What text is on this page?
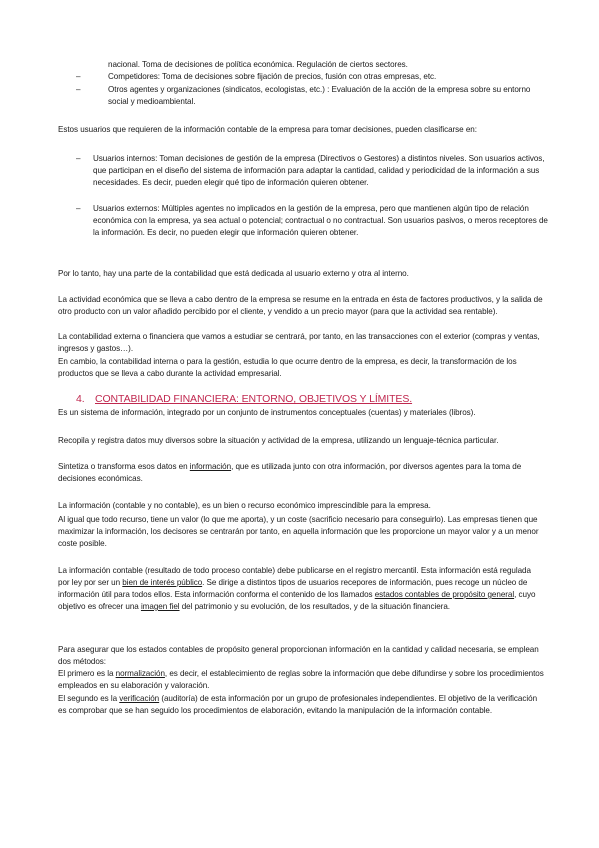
nacional. Toma de decisiones de política económica. Regulación de ciertos sectores.

–	Competidores: Toma de decisiones sobre fijación de precios, fusión con otras empresas, etc.

–	Otros agentes y organizaciones (sindicatos, ecologistas, etc.) : Evaluación de la acción de la empresa sobre su entorno social y medioambiental.

Estos usuarios que requieren de la información contable de la empresa para tomar decisiones, pueden clasificarse en:

– Usuarios internos: Toman decisiones de gestión de la empresa (Directivos o Gestores) a distintos niveles. Son usuarios activos, que participan en el diseño del sistema de información para adaptar la cantidad, calidad y periodicidad de la información a sus necesidades. Es decir, pueden elegir qué tipo de información quieren obtener.

– Usuarios externos: Múltiples agentes no implicados en la gestión de la empresa, pero que mantienen algún tipo de relación económica con la empresa, ya sea actual o potencial; contractual o no contractual. Son usuarios pasivos, o meros receptores de la información. Es decir, no pueden elegir que información quieren obtener.

Por lo tanto, hay una parte de la contabilidad que está dedicada al usuario externo y otra al interno.

La actividad económica que se lleva a cabo dentro de la empresa se resume en la entrada en ésta de factores productivos, y la salida de otro producto con un valor añadido percibido por el cliente, y vendido a un precio mayor (para que la actividad sea rentable).

La contabilidad externa o financiera que vamos a estudiar se centrará, por tanto, en las transacciones con el exterior (compras y ventas, ingresos y gastos…).

En cambio, la contabilidad interna o para la gestión, estudia lo que ocurre dentro de la empresa, es decir, la transformación de los productos que se lleva a cabo durante la actividad empresarial.

4. CONTABILIDAD FINANCIERA: ENTORNO, OBJETIVOS Y LÍMITES.

Es un sistema de información, integrado por un conjunto de instrumentos conceptuales (cuentas) y materiales (libros).

Recopila y registra datos muy diversos sobre la situación y actividad de la empresa, utilizando un lenguaje-técnica particular.

Sintetiza o transforma esos datos en información, que es utilizada junto con otra información, por diversos agentes para la toma de decisiones económicas.

La información (contable y no contable), es un bien o recurso económico imprescindible para la empresa.

Al igual que todo recurso, tiene un valor (lo que me aporta), y un coste (sacrificio necesario para conseguirlo). Las empresas tienen que maximizar la información, los decisores se centrarán por tanto, en aquella información que les proporcione un mayor valor y a un menor coste posible.

La información contable (resultado de todo proceso contable) debe publicarse en el registro mercantil. Esta información está regulada por ley por ser un bien de interés público. Se dirige a distintos tipos de usuarios recepores de información, pues recoge un núcleo de información útil para todos ellos. Esta información conforma el contenido de los llamados estados contables de propósito general, cuyo objetivo es ofrecer una imagen fiel del patrimonio y su evolución, de los resultados, y de la situación financiera.

Para asegurar que los estados contables de propósito general proporcionan información en la cantidad y calidad necesaria, se emplean dos métodos:

El primero es la normalización, es decir, el establecimiento de reglas sobre la información que debe difundirse y sobre los procedimientos empleados en su elaboración y valoración.

El segundo es la verificación (auditoría) de esta información por un grupo de profesionales independientes. El objetivo de la verificación es comprobar que se han seguido los procedimientos de elaboración, evitando la manipulación de la información contable.
